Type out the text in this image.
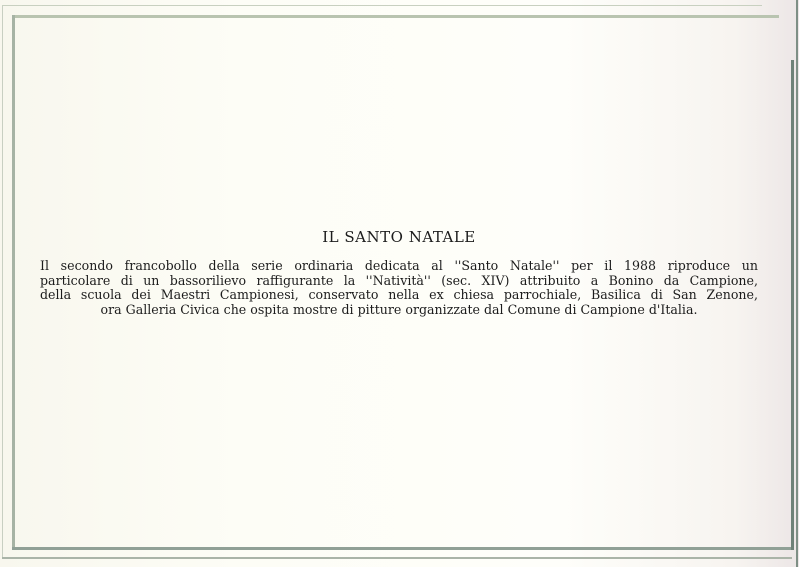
IL SANTO NATALE

Il secondo francobollo della serie ordinaria dedicata al ''Santo Natale'' per il 1988 riproduce un
particolare di un bassorilievo raffigurante la ''Natività'' (sec. XIV) attribuito a Bonino da Campione,
della scuola dei Maestri Campionesi, conservato nella ex chiesa parrochiale, Basilica di San Zenone,
ora Galleria Civica che ospita mostre di pitture organizzate dal Comune di Campione d'Italia.
